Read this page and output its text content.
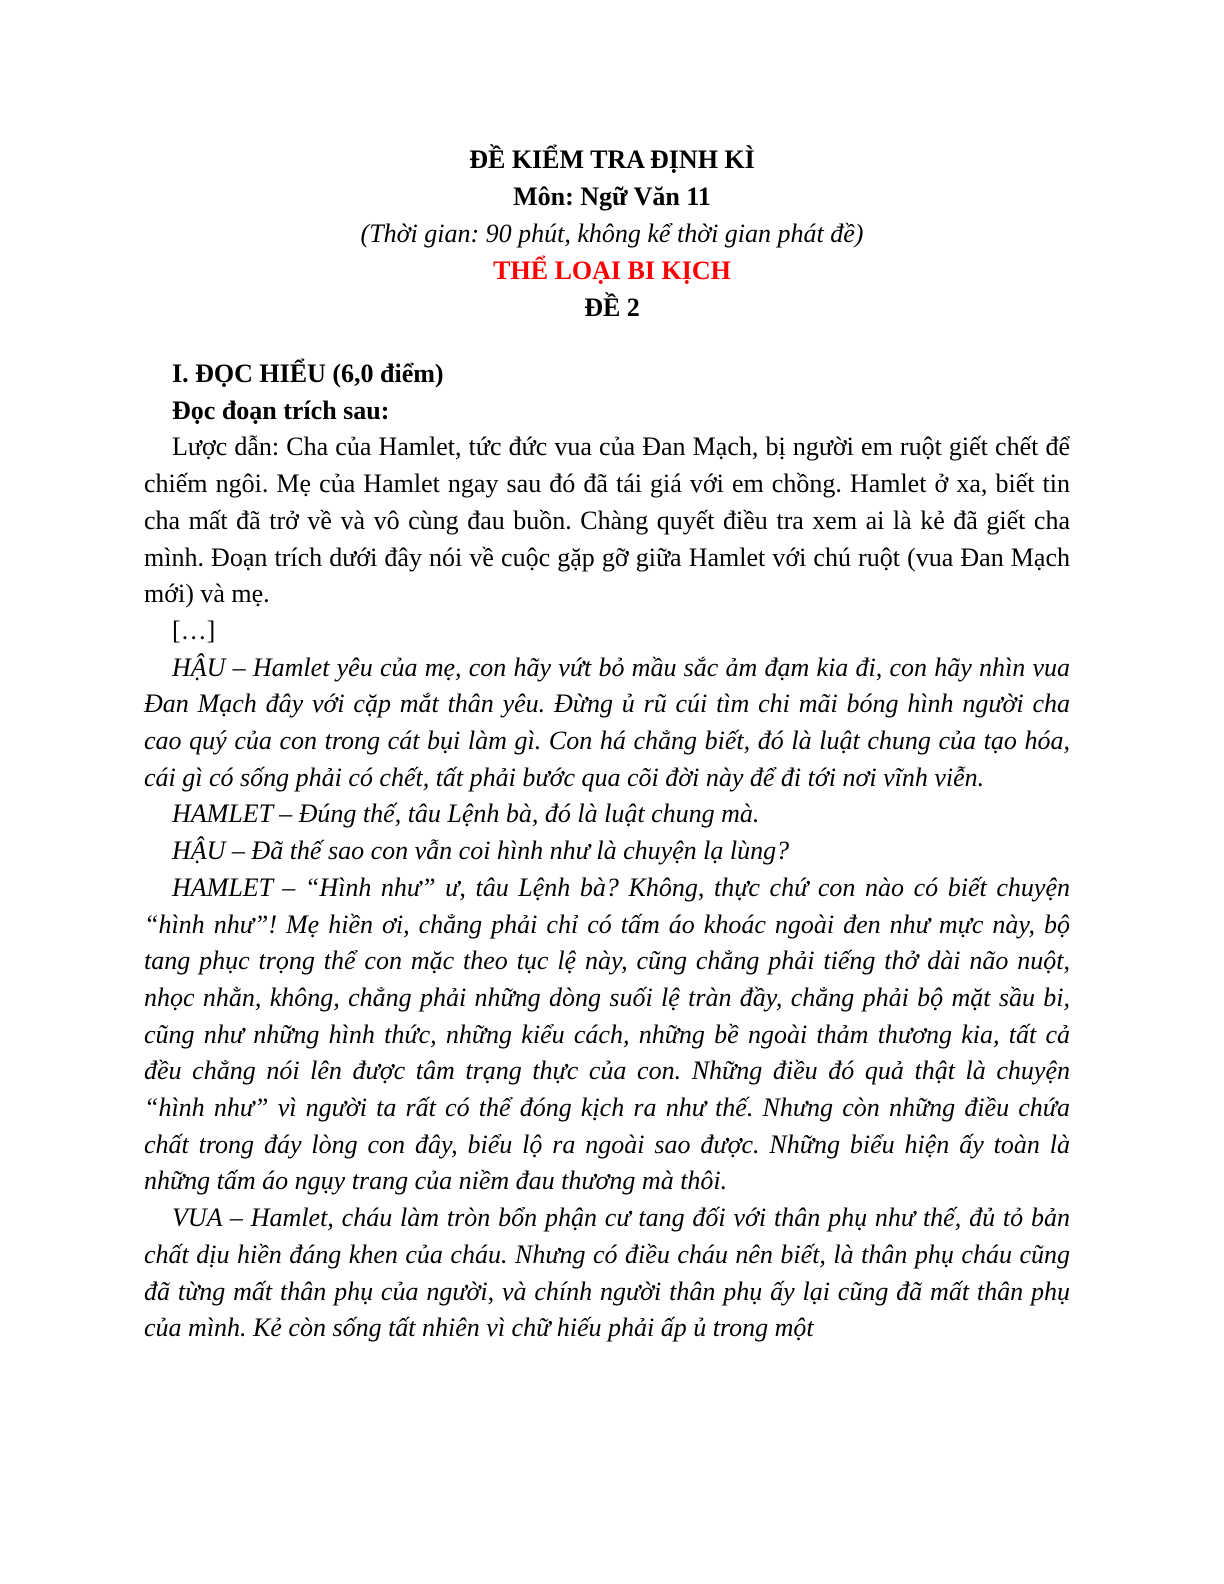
ĐỀ KIỂM TRA ĐỊNH KÌ
Môn: Ngữ Văn 11
(Thời gian: 90 phút, không kể thời gian phát đề)
THỂ LOẠI BI KỊCH
ĐỀ 2

I. ĐỌC HIỂU (6,0 điểm)

Đọc đoạn trích sau:

Lược dẫn: Cha của Hamlet, tức đức vua của Đan Mạch, bị người em ruột giết chết để chiếm ngôi. Mẹ của Hamlet ngay sau đó đã tái giá với em chồng. Hamlet ở xa, biết tin cha mất đã trở về và vô cùng đau buồn. Chàng quyết điều tra xem ai là kẻ đã giết cha mình. Đoạn trích dưới đây nói về cuộc gặp gỡ giữa Hamlet với chú ruột (vua Đan Mạch mới) và mẹ.

[…]

HẬU – Hamlet yêu của mẹ, con hãy vứt bỏ mầu sắc ảm đạm kia đi, con hãy nhìn vua Đan Mạch đây với cặp mắt thân yêu. Đừng ủ rũ cúi tìm chi mãi bóng hình người cha cao quý của con trong cát bụi làm gì. Con há chẳng biết, đó là luật chung của tạo hóa, cái gì có sống phải có chết, tất phải bước qua cõi đời này để đi tới nơi vĩnh viễn.

HAMLET – Đúng thế, tâu Lệnh bà, đó là luật chung mà.

HẬU – Đã thế sao con vẫn coi hình như là chuyện lạ lùng?

HAMLET – “Hình như” ư, tâu Lệnh bà? Không, thực chứ con nào có biết chuyện “hình như”! Mẹ hiền ơi, chẳng phải chỉ có tấm áo khoác ngoài đen như mực này, bộ tang phục trọng thể con mặc theo tục lệ này, cũng chẳng phải tiếng thở dài não nuột, nhọc nhằn, không, chẳng phải những dòng suối lệ tràn đầy, chẳng phải bộ mặt sầu bi, cũng như những hình thức, những kiểu cách, những bề ngoài thảm thương kia, tất cả đều chẳng nói lên được tâm trạng thực của con. Những điều đó quả thật là chuyện “hình như” vì người ta rất có thể đóng kịch ra như thế. Nhưng còn những điều chứa chất trong đáy lòng con đây, biểu lộ ra ngoài sao được. Những biểu hiện ấy toàn là những tấm áo ngụy trang của niềm đau thương mà thôi.

VUA – Hamlet, cháu làm tròn bổn phận cư tang đối với thân phụ như thế, đủ tỏ bản chất dịu hiền đáng khen của cháu. Nhưng có điều cháu nên biết, là thân phụ cháu cũng đã từng mất thân phụ của người, và chính người thân phụ ấy lại cũng đã mất thân phụ của mình. Kẻ còn sống tất nhiên vì chữ hiếu phải ấp ủ trong một
